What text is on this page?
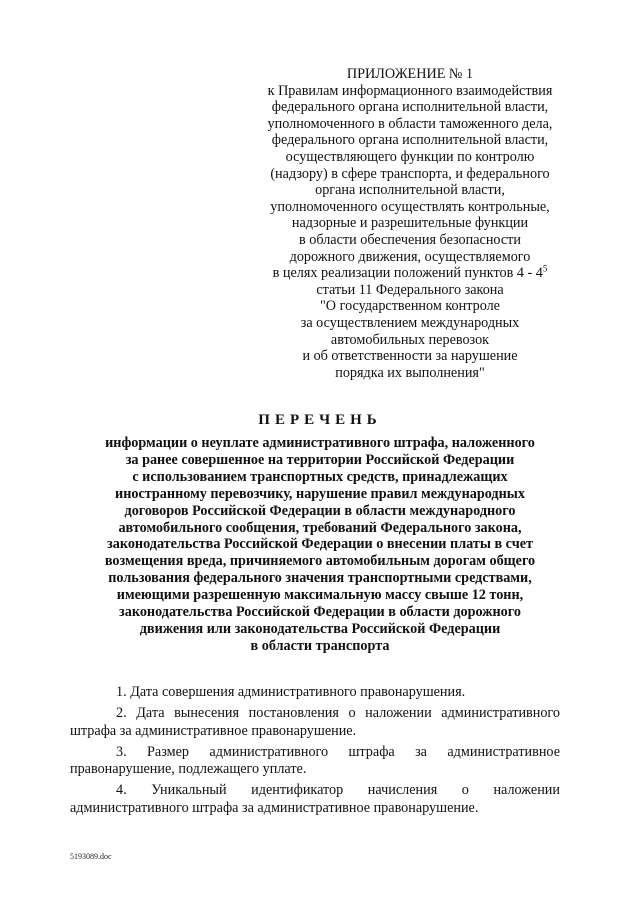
ПРИЛОЖЕНИЕ № 1
к Правилам информационного взаимодействия
федерального органа исполнительной власти,
уполномоченного в области таможенного дела,
федерального органа исполнительной власти,
осуществляющего функции по контролю
(надзору) в сфере транспорта, и федерального
органа исполнительной власти,
уполномоченного осуществлять контрольные,
надзорные и разрешительные функции
в области обеспечения безопасности
дорожного движения, осуществляемого
в целях реализации положений пунктов $4 - 4^5$
статьи 11 Федерального закона
"О государственном контроле
за осуществлением международных
автомобильных перевозок
и об ответственности за нарушение
порядка их выполнения"
ПЕРЕЧЕНЬ
информации о неуплате административного штрафа, наложенного
за ранее совершенное на территории Российской Федерации
с использованием транспортных средств, принадлежащих
иностранному перевозчику, нарушение правил международных
договоров Российской Федерации в области международного
автомобильного сообщения, требований Федерального закона,
законодательства Российской Федерации о внесении платы в счет
возмещения вреда, причиняемого автомобильным дорогам общего
пользования федерального значения транспортными средствами,
имеющими разрешенную максимальную массу свыше 12 тонн,
законодательства Российской Федерации в области дорожного
движения или законодательства Российской Федерации
в области транспорта

1. Дата совершения административного правонарушения.

2. Дата вынесения постановления о наложении административного
штрафа за административное правонарушение.

3. Размер административного штрафа за административное
правонарушение, подлежащего уплате.

4. Уникальный идентификатор начисления о наложении
административного штрафа за административное правонарушение.

5193089.doc
